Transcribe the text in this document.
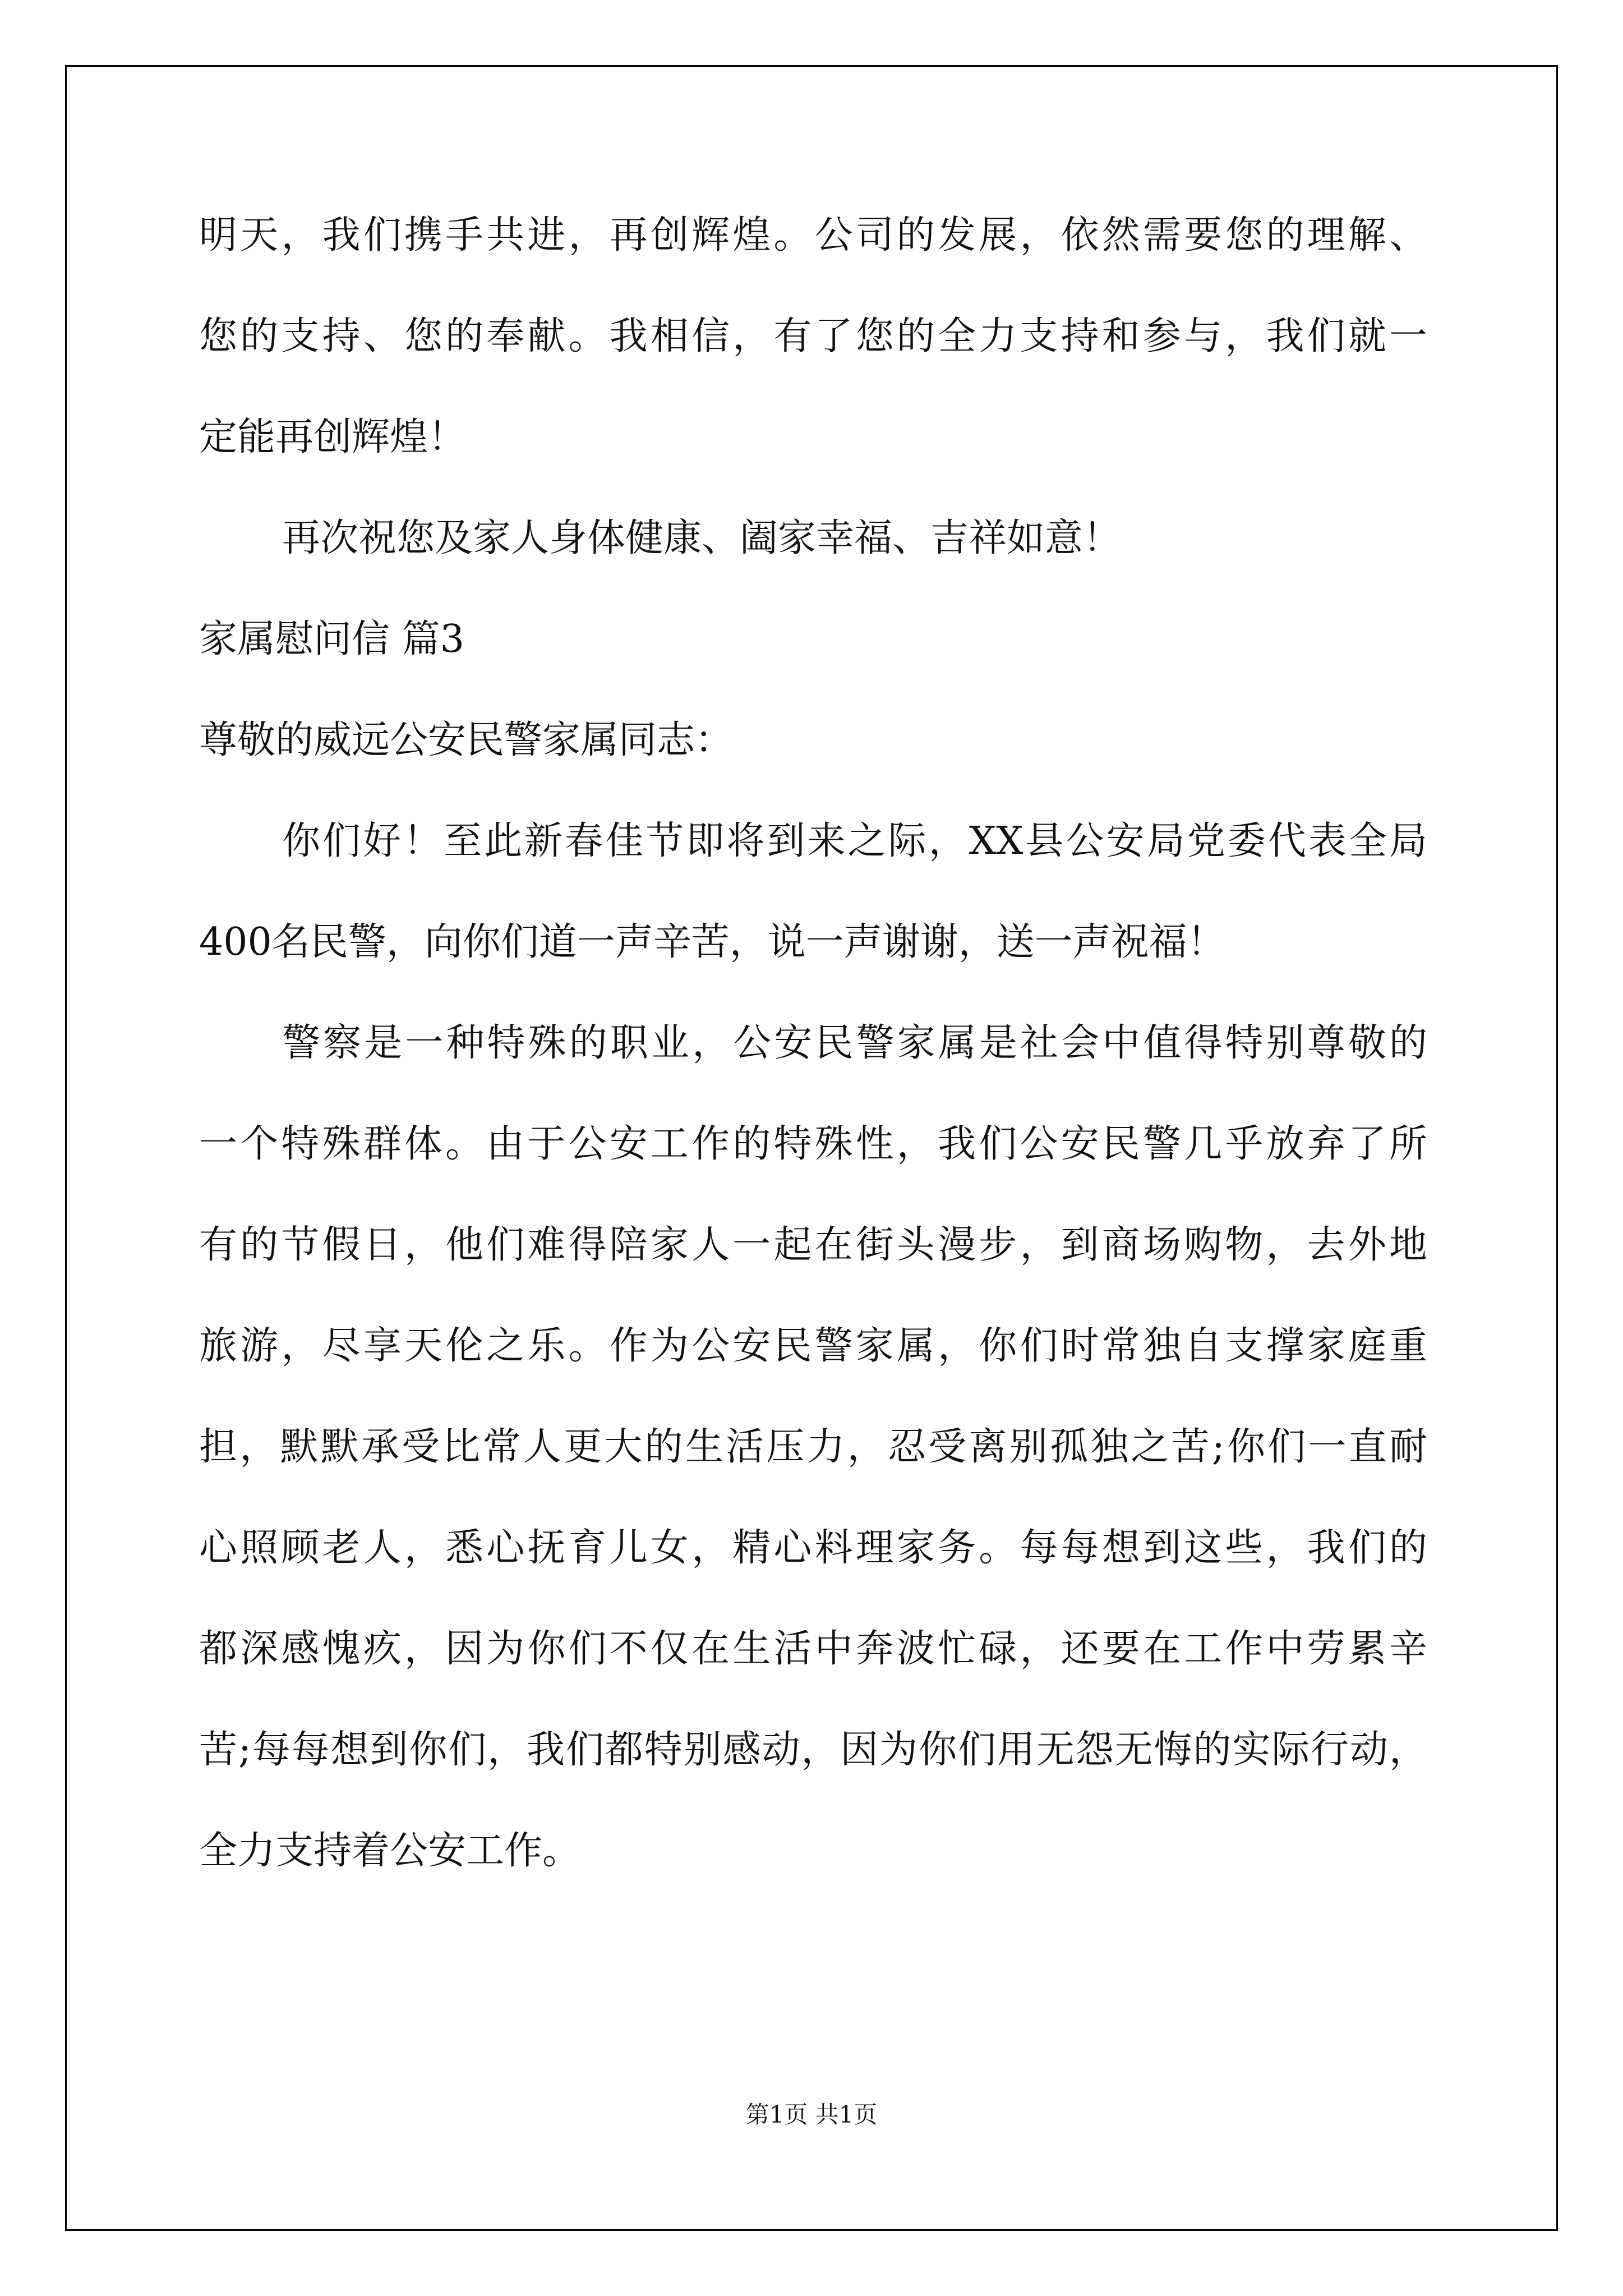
明天，我们携手共进，再创辉煌。公司的发展，依然需要您的理解、
您的支持、您的奉献。我相信，有了您的全力支持和参与，我们就一
定能再创辉煌！
再次祝您及家人身体健康、阖家幸福、吉祥如意！
家属慰问信 篇3
尊敬的威远公安民警家属同志：
你们好！至此新春佳节即将到来之际，XX县公安局党委代表全局
400名民警，向你们道一声辛苦，说一声谢谢，送一声祝福！
警察是一种特殊的职业，公安民警家属是社会中值得特别尊敬的
一个特殊群体。由于公安工作的特殊性，我们公安民警几乎放弃了所
有的节假日，他们难得陪家人一起在街头漫步，到商场购物，去外地
旅游，尽享天伦之乐。作为公安民警家属，你们时常独自支撑家庭重
担，默默承受比常人更大的生活压力，忍受离别孤独之苦;你们一直耐
心照顾老人，悉心抚育儿女，精心料理家务。每每想到这些，我们的
都深感愧疚，因为你们不仅在生活中奔波忙碌，还要在工作中劳累辛
苦;每每想到你们，我们都特别感动，因为你们用无怨无悔的实际行动，
全力支持着公安工作。
第1页 共1页
